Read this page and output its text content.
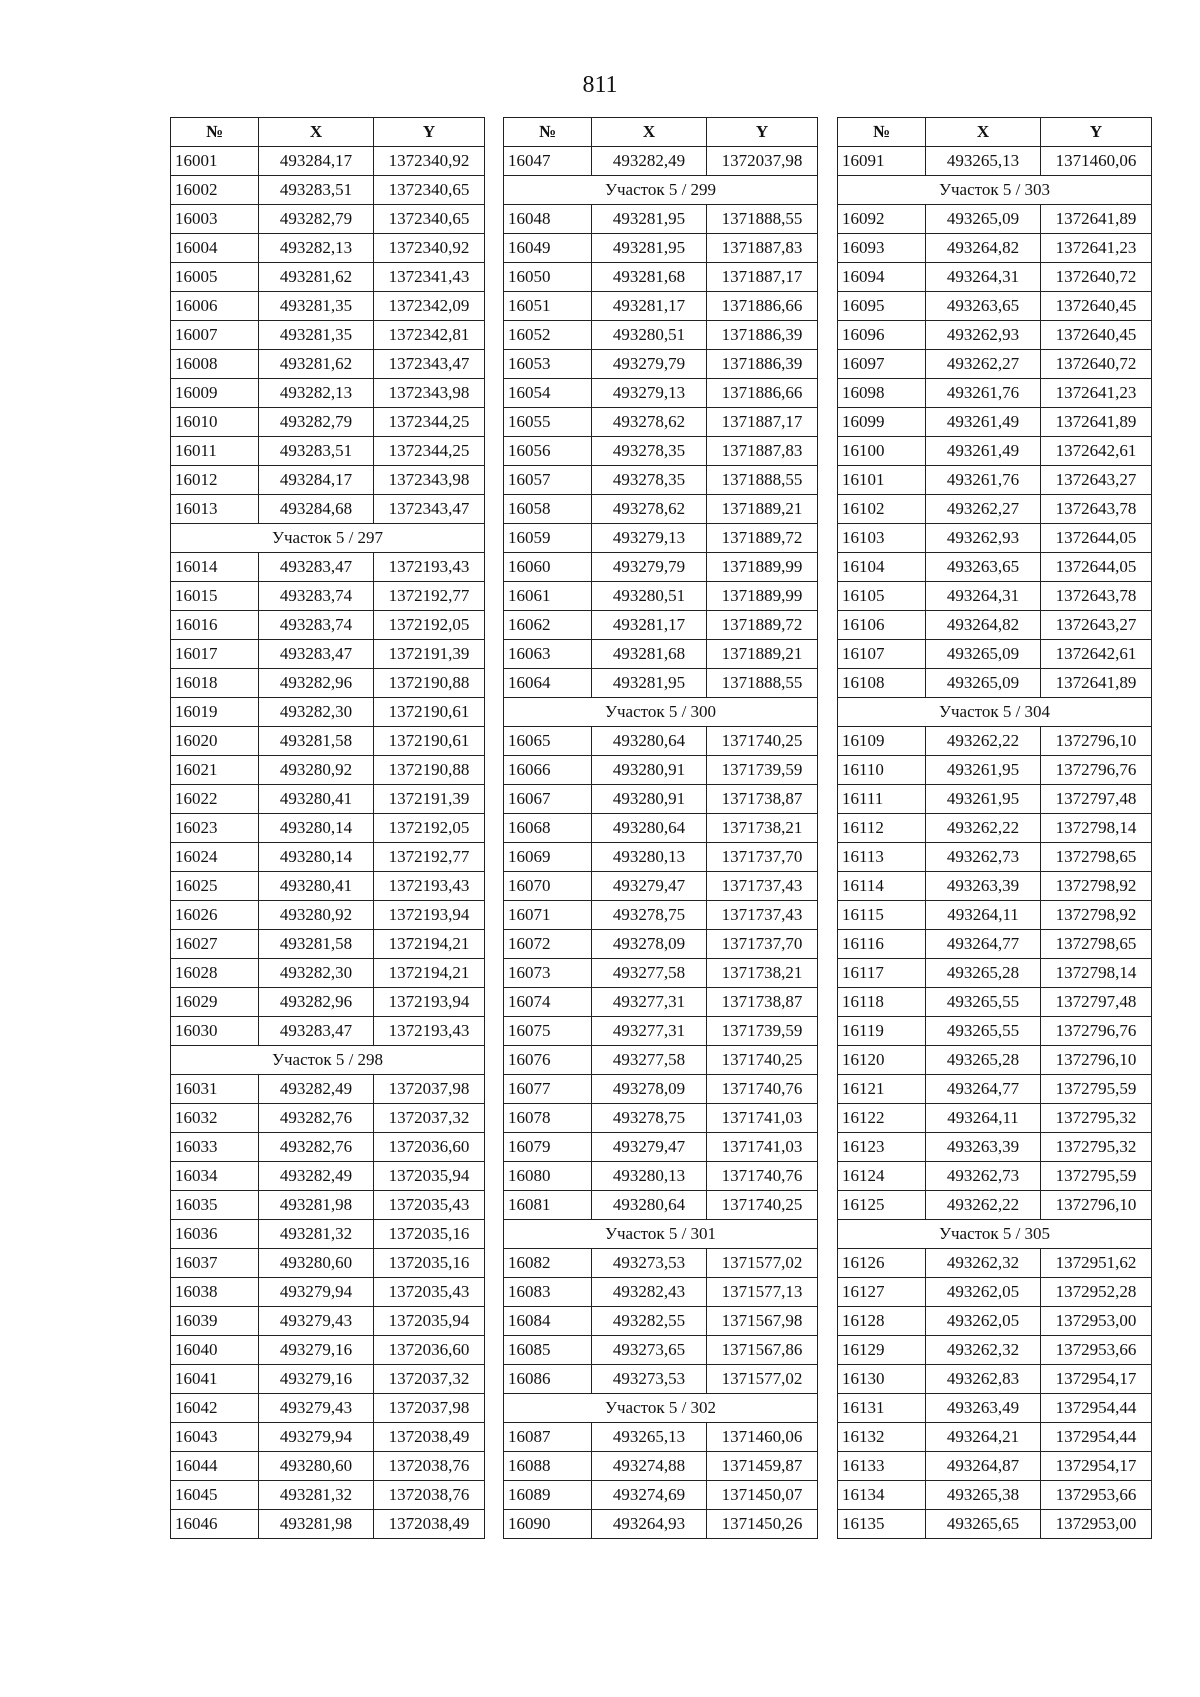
811
№	X	Y
16001	493284,17	1372340,92
16002	493283,51	1372340,65
16003	493282,79	1372340,65
16004	493282,13	1372340,92
16005	493281,62	1372341,43
16006	493281,35	1372342,09
16007	493281,35	1372342,81
16008	493281,62	1372343,47
16009	493282,13	1372343,98
16010	493282,79	1372344,25
16011	493283,51	1372344,25
16012	493284,17	1372343,98
16013	493284,68	1372343,47
Участок 5 / 297		
16014	493283,47	1372193,43
16015	493283,74	1372192,77
16016	493283,74	1372192,05
16017	493283,47	1372191,39
16018	493282,96	1372190,88
16019	493282,30	1372190,61
16020	493281,58	1372190,61
16021	493280,92	1372190,88
16022	493280,41	1372191,39
16023	493280,14	1372192,05
16024	493280,14	1372192,77
16025	493280,41	1372193,43
16026	493280,92	1372193,94
16027	493281,58	1372194,21
16028	493282,30	1372194,21
16029	493282,96	1372193,94
16030	493283,47	1372193,43
Участок 5 / 298		
16031	493282,49	1372037,98
16032	493282,76	1372037,32
16033	493282,76	1372036,60
16034	493282,49	1372035,94
16035	493281,98	1372035,43
16036	493281,32	1372035,16
16037	493280,60	1372035,16
16038	493279,94	1372035,43
16039	493279,43	1372035,94
16040	493279,16	1372036,60
16041	493279,16	1372037,32
16042	493279,43	1372037,98
16043	493279,94	1372038,49
16044	493280,60	1372038,76
16045	493281,32	1372038,76
16046	493281,98	1372038,49
№	X	Y
16047	493282,49	1372037,98
Участок 5 / 299		
16048	493281,95	1371888,55
16049	493281,95	1371887,83
16050	493281,68	1371887,17
16051	493281,17	1371886,66
16052	493280,51	1371886,39
16053	493279,79	1371886,39
16054	493279,13	1371886,66
16055	493278,62	1371887,17
16056	493278,35	1371887,83
16057	493278,35	1371888,55
16058	493278,62	1371889,21
16059	493279,13	1371889,72
16060	493279,79	1371889,99
16061	493280,51	1371889,99
16062	493281,17	1371889,72
16063	493281,68	1371889,21
16064	493281,95	1371888,55
Участок 5 / 300		
16065	493280,64	1371740,25
16066	493280,91	1371739,59
16067	493280,91	1371738,87
16068	493280,64	1371738,21
16069	493280,13	1371737,70
16070	493279,47	1371737,43
16071	493278,75	1371737,43
16072	493278,09	1371737,70
16073	493277,58	1371738,21
16074	493277,31	1371738,87
16075	493277,31	1371739,59
16076	493277,58	1371740,25
16077	493278,09	1371740,76
16078	493278,75	1371741,03
16079	493279,47	1371741,03
16080	493280,13	1371740,76
16081	493280,64	1371740,25
Участок 5 / 301		
16082	493273,53	1371577,02
16083	493282,43	1371577,13
16084	493282,55	1371567,98
16085	493273,65	1371567,86
16086	493273,53	1371577,02
Участок 5 / 302		
16087	493265,13	1371460,06
16088	493274,88	1371459,87
16089	493274,69	1371450,07
16090	493264,93	1371450,26
№	X	Y
16091	493265,13	1371460,06
Участок 5 / 303		
16092	493265,09	1372641,89
16093	493264,82	1372641,23
16094	493264,31	1372640,72
16095	493263,65	1372640,45
16096	493262,93	1372640,45
16097	493262,27	1372640,72
16098	493261,76	1372641,23
16099	493261,49	1372641,89
16100	493261,49	1372642,61
16101	493261,76	1372643,27
16102	493262,27	1372643,78
16103	493262,93	1372644,05
16104	493263,65	1372644,05
16105	493264,31	1372643,78
16106	493264,82	1372643,27
16107	493265,09	1372642,61
16108	493265,09	1372641,89
Участок 5 / 304		
16109	493262,22	1372796,10
16110	493261,95	1372796,76
16111	493261,95	1372797,48
16112	493262,22	1372798,14
16113	493262,73	1372798,65
16114	493263,39	1372798,92
16115	493264,11	1372798,92
16116	493264,77	1372798,65
16117	493265,28	1372798,14
16118	493265,55	1372797,48
16119	493265,55	1372796,76
16120	493265,28	1372796,10
16121	493264,77	1372795,59
16122	493264,11	1372795,32
16123	493263,39	1372795,32
16124	493262,73	1372795,59
16125	493262,22	1372796,10
Участок 5 / 305		
16126	493262,32	1372951,62
16127	493262,05	1372952,28
16128	493262,05	1372953,00
16129	493262,32	1372953,66
16130	493262,83	1372954,17
16131	493263,49	1372954,44
16132	493264,21	1372954,44
16133	493264,87	1372954,17
16134	493265,38	1372953,66
16135	493265,65	1372953,00
